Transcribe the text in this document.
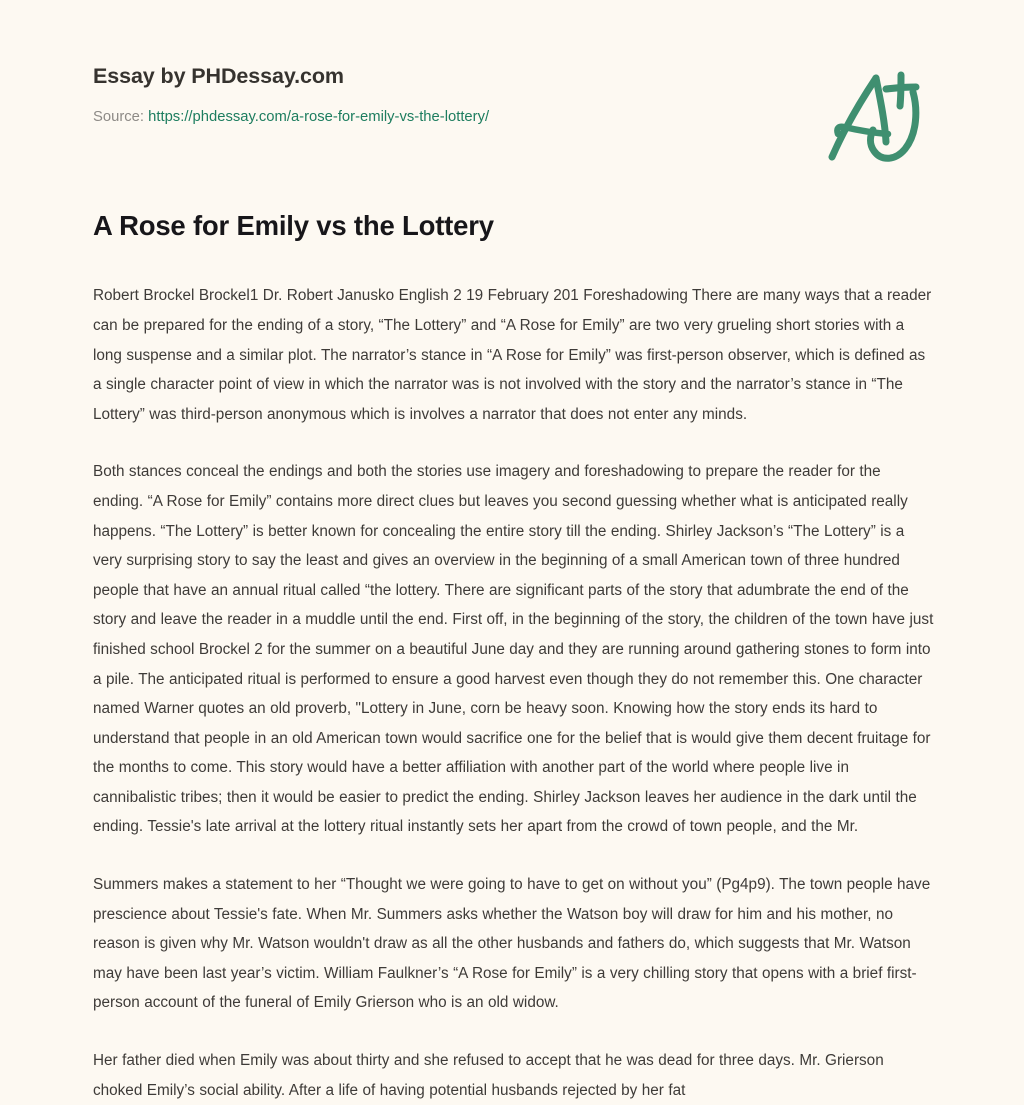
Essay by PHDessay.com
Source: https://phdessay.com/a-rose-for-emily-vs-the-lottery/
A Rose for Emily vs the Lottery

Robert Brockel Brockel1 Dr. Robert Janusko English 2 19 February 201 Foreshadowing There are many ways that a reader can be prepared for the ending of a story, “The Lottery” and “A Rose for Emily” are two very grueling short stories with a long suspense and a similar plot. The narrator’s stance in “A Rose for Emily” was first-person observer, which is defined as a single character point of view in which the narrator was is not involved with the story and the narrator’s stance in “The Lottery” was third-person anonymous which is involves a narrator that does not enter any minds.

Both stances conceal the endings and both the stories use imagery and foreshadowing to prepare the reader for the ending. “A Rose for Emily” contains more direct clues but leaves you second guessing whether what is anticipated really happens. “The Lottery” is better known for concealing the entire story till the ending. Shirley Jackson’s “The Lottery” is a very surprising story to say the least and gives an overview in the beginning of a small American town of three hundred people that have an annual ritual called “the lottery. There are significant parts of the story that adumbrate the end of the story and leave the reader in a muddle until the end. First off, in the beginning of the story, the children of the town have just finished school Brockel 2 for the summer on a beautiful June day and they are running around gathering stones to form into a pile. The anticipated ritual is performed to ensure a good harvest even though they do not remember this. One character named Warner quotes an old proverb, "Lottery in June, corn be heavy soon. Knowing how the story ends its hard to understand that people in an old American town would sacrifice one for the belief that is would give them decent fruitage for the months to come. This story would have a better affiliation with another part of the world where people live in cannibalistic tribes; then it would be easier to predict the ending. Shirley Jackson leaves her audience in the dark until the ending. Tessie's late arrival at the lottery ritual instantly sets her apart from the crowd of town people, and the Mr.

Summers makes a statement to her “Thought we were going to have to get on without you” (Pg4p9). The town people have prescience about Tessie's fate. When Mr. Summers asks whether the Watson boy will draw for him and his mother, no reason is given why Mr. Watson wouldn't draw as all the other husbands and fathers do, which suggests that Mr. Watson may have been last year’s victim. William Faulkner’s “A Rose for Emily” is a very chilling story that opens with a brief first-person account of the funeral of Emily Grierson who is an old widow.

Her father died when Emily was about thirty and she refused to accept that he was dead for three days. Mr. Grierson choked Emily’s social ability. After a life of having potential husbands rejected by her fat
